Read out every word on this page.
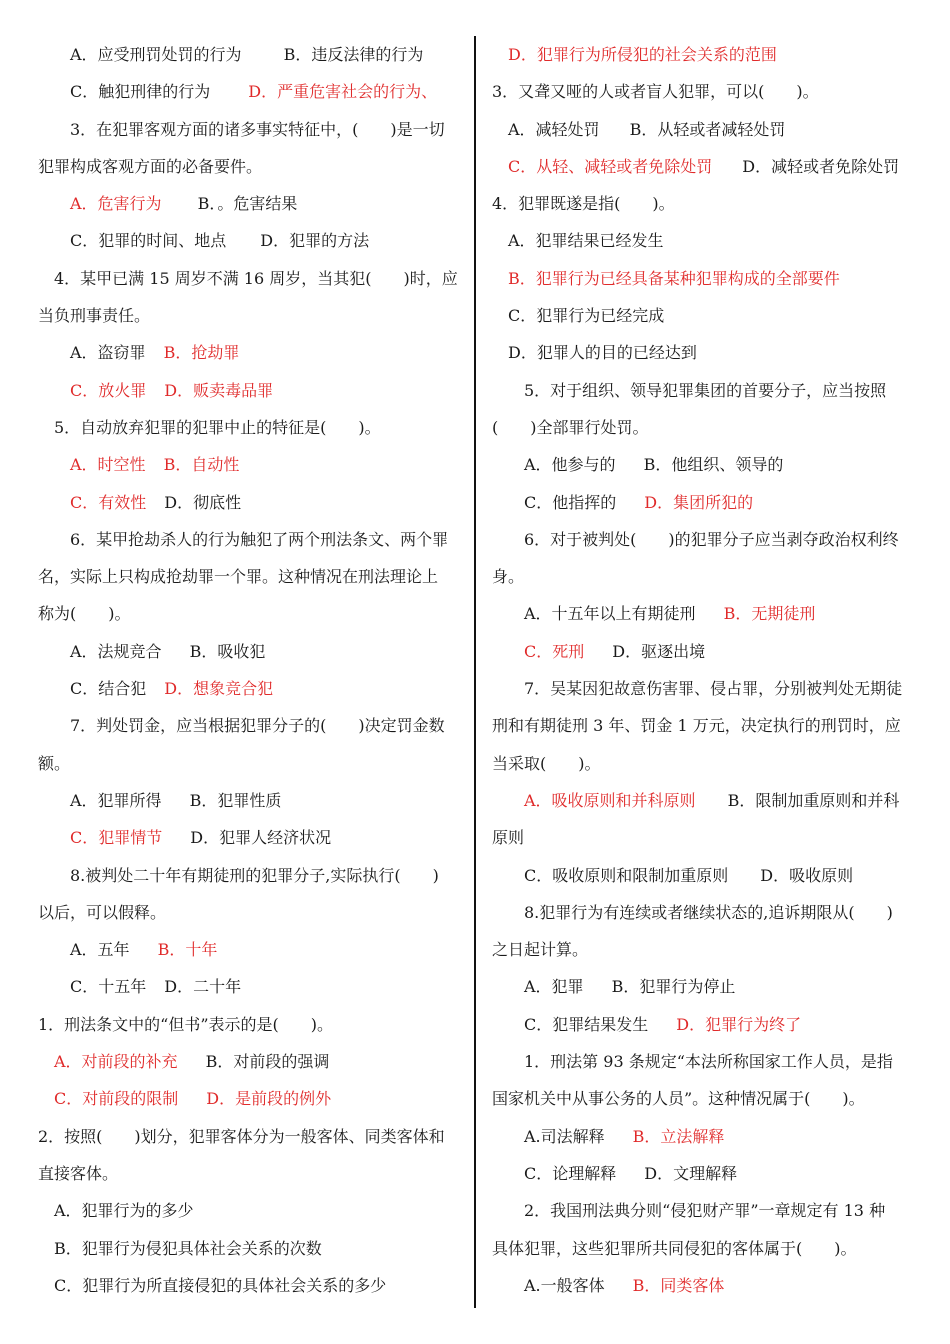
A．应受刑罚处罚的行为	B．违反法律的行为
C．触犯刑律的行为 D．严重危害社会的行为、
3．在犯罪客观方面的诸多事实特征中，(　　)是一切
犯罪构成客观方面的必备要件。
A．危害行为 B．。危害结果
C．犯罪的时间、地点 D．犯罪的方法
4．某甲已满 15 周岁不满 16 周岁，当其犯(　　)时，应
当负刑事责任。
A．盗窃罪 B．抢劫罪
C．放火罪 D．贩卖毒品罪
5．自动放弃犯罪的犯罪中止的特征是(　　)。
A．时空性 B．自动性
C．有效性 D．彻底性
6．某甲抢劫杀人的行为触犯了两个刑法条文、两个罪
名，实际上只构成抢劫罪一个罪。这种情况在刑法理论上
称为(　　)。
A．法规竞合 B．吸收犯
C．结合犯 D．想象竞合犯
7．判处罚金，应当根据犯罪分子的(　　)决定罚金数
额。
A．犯罪所得 B．犯罪性质
C．犯罪情节 D．犯罪人经济状况
8.被判处二十年有期徒刑的犯罪分子,实际执行(　　)
以后，可以假释。
A．五年 B．十年
C．十五年 D．二十年
1．刑法条文中的“但书”表示的是(　　)。
A．对前段的补充 B．对前段的强调
C．对前段的限制 D．是前段的例外
2．按照(　　)划分，犯罪客体分为一般客体、同类客体和
直接客体。
A．犯罪行为的多少
B．犯罪行为侵犯具体社会关系的次数
C．犯罪行为所直接侵犯的具体社会关系的多少
D．犯罪行为所侵犯的社会关系的范围
3．又聋又哑的人或者盲人犯罪，可以(　　)。
A．减轻处罚 B．从轻或者减轻处罚
C．从轻、减轻或者免除处罚 D．减轻或者免除处罚
4．犯罪既遂是指(　　)。
A．犯罪结果已经发生
B．犯罪行为已经具备某种犯罪构成的全部要件
C．犯罪行为已经完成
D．犯罪人的目的已经达到
5．对于组织、领导犯罪集团的首要分子，应当按照
(　　)全部罪行处罚。
A．他参与的 B．他组织、领导的
C．他指挥的 D．集团所犯的
6．对于被判处(　　)的犯罪分子应当剥夺政治权利终
身。
A．十五年以上有期徒刑 B．无期徒刑
C．死刑 D．驱逐出境
7．吴某因犯故意伤害罪、侵占罪，分别被判处无期徒
刑和有期徒刑 3 年、罚金 1 万元，决定执行的刑罚时，应
当采取(　　)。
A．吸收原则和并科原则 B．限制加重原则和并科
原则
C．吸收原则和限制加重原则 D．吸收原则
8.犯罪行为有连续或者继续状态的,追诉期限从(　　)
之日起计算。
A．犯罪 B．犯罪行为停止
C．犯罪结果发生 D．犯罪行为终了
1．刑法第 93 条规定“本法所称国家工作人员，是指
国家机关中从事公务的人员”。这种情况属于(　　)。
A.司法解释 B．立法解释
C．论理解释 D．文理解释
2．我国刑法典分则“侵犯财产罪”一章规定有 13 种
具体犯罪，这些犯罪所共同侵犯的客体属于(　　)。
A.一般客体 B．同类客体
